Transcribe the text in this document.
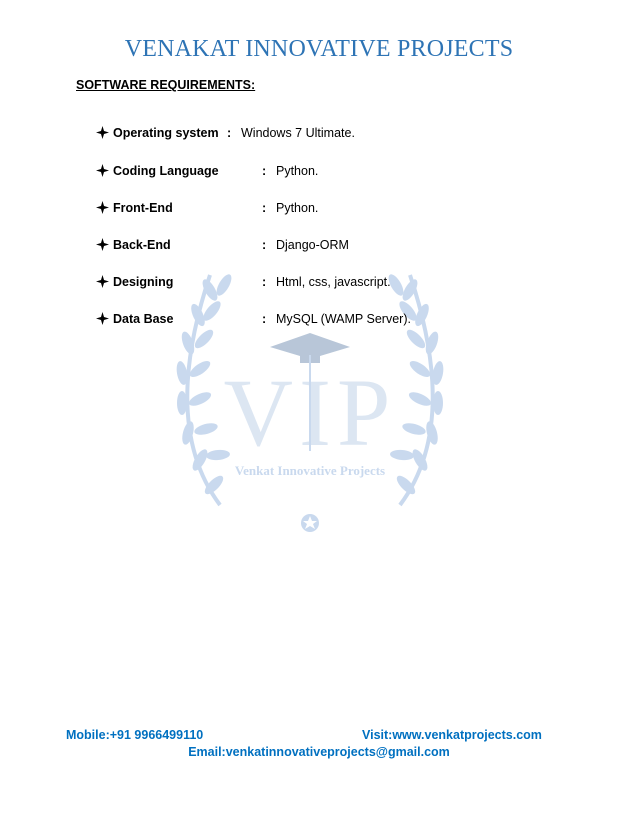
VENAKAT INNOVATIVE PROJECTS
SOFTWARE REQUIREMENTS:
VIP
Venkat Innovative Projects
Operating system : Windows 7 Ultimate.
Coding Language	: Python.
Front-End	: Python.
Back-End	: Django-ORM
Designing	: Html, css, javascript.
Data Base	: MySQL (WAMP Server).
Mobile:+91 9966499110	Visit:www.venkatprojects.com
Email:venkatinnovativeprojects@gmail.com
